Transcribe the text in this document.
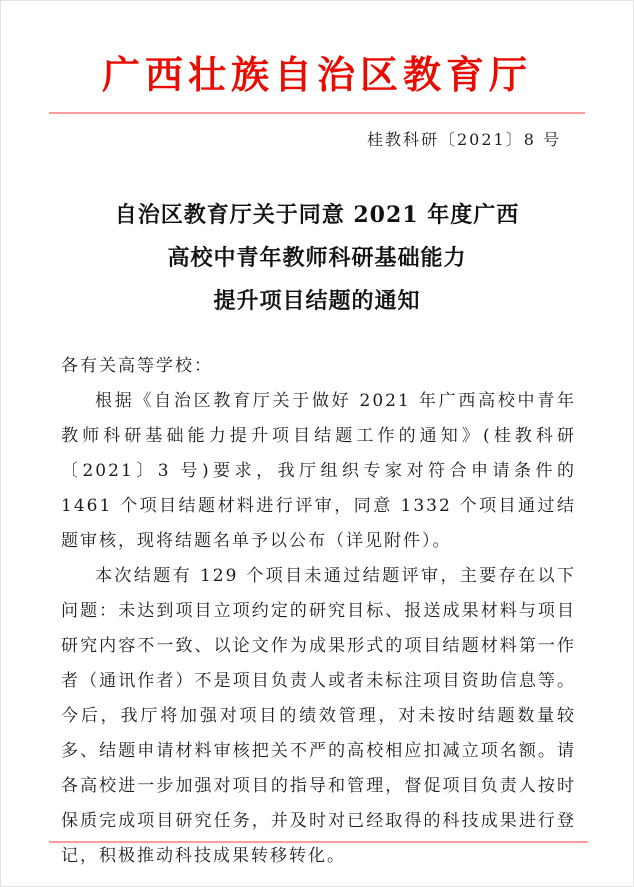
广西壮族自治区教育厅
桂教科研〔2021〕8 号
自治区教育厅关于同意 2021 年度广西
高校中青年教师科研基础能力
提升项目结题的通知

各有关高等学校：

根据《自治区教育厅关于做好 2021 年广西高校中青年教师科研基础能力提升项目结题工作的通知》(桂教科研〔2021〕3 号)要求，我厅组织专家对符合申请条件的 1461 个项目结题材料进行评审，同意 1332 个项目通过结题审核，现将结题名单予以公布（详见附件）。

本次结题有 129 个项目未通过结题评审，主要存在以下问题：未达到项目立项约定的研究目标、报送成果材料与项目研究内容不一致、以论文作为成果形式的项目结题材料第一作者（通讯作者）不是项目负责人或者未标注项目资助信息等。今后，我厅将加强对项目的绩效管理，对未按时结题数量较多、结题申请材料审核把关不严的高校相应扣减立项名额。请各高校进一步加强对项目的指导和管理，督促项目负责人按时保质完成项目研究任务，并及时对已经取得的科技成果进行登记，积极推动科技成果转移转化。
